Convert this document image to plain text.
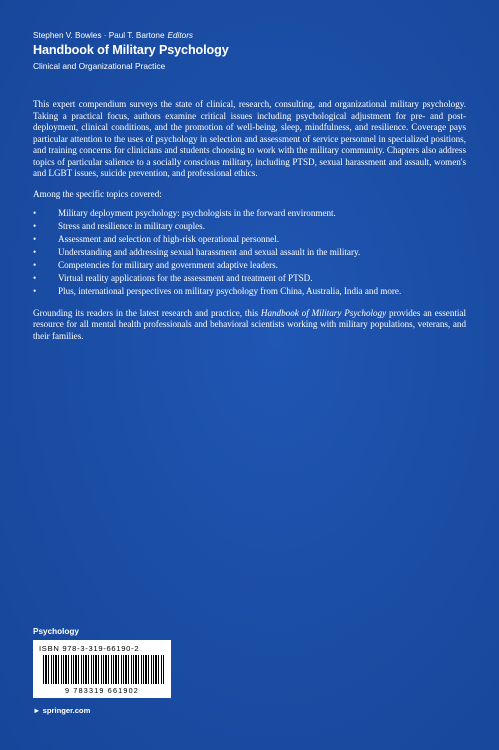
Stephen V. Bowles · Paul T. Bartone Editors
Handbook of Military Psychology
Clinical and Organizational Practice

This expert compendium surveys the state of clinical, research, consulting, and organizational military psychology. Taking a practical focus, authors examine critical issues including psychological adjustment for pre- and post-deployment, clinical conditions, and the promotion of well-being, sleep, mindfulness, and resilience. Coverage pays particular attention to the uses of psychology in selection and assessment of service personnel in specialized positions, and training concerns for clinicians and students choosing to work with the military community. Chapters also address topics of particular salience to a socially conscious military, including PTSD, sexual harassment and assault, women's and LGBT issues, suicide prevention, and professional ethics.

Among the specific topics covered:

• Military deployment psychology: psychologists in the forward environment.
• Stress and resilience in military couples.
• Assessment and selection of high-risk operational personnel.
• Understanding and addressing sexual harassment and sexual assault in the military.
• Competencies for military and government adaptive leaders.
• Virtual reality applications for the assessment and treatment of PTSD.
• Plus, international perspectives on military psychology from China, Australia, India and more.

Grounding its readers in the latest research and practice, this Handbook of Military Psychology provides an essential resource for all mental health professionals and behavioral scientists working with military populations, veterans, and their families.

Psychology
ISBN 978-3-319-66190-2
9 783319 661902
► springer.com
